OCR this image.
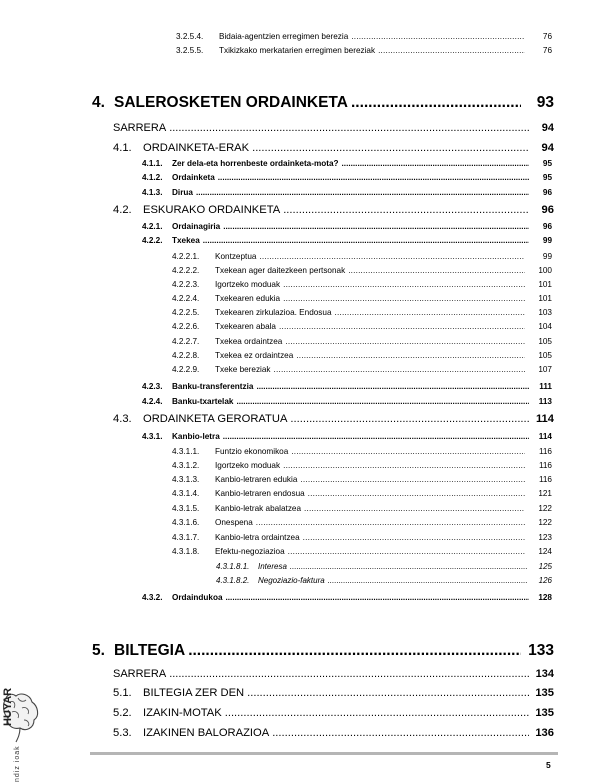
3.2.5.4.	Bidaia-agentzien erregimen berezia .....	76
3.2.5.5.	Txikizkako merkatarien erregimen bereziak .....	76
4. SALEROSKETEN ORDAINKETA .....	93
SARRERA .....	94
4.1.	ORDAINKETA-ERAK .....	94
4.1.1.	Zer dela-eta horrenbeste ordainketa-mota? .....	95
4.1.2.	Ordainketa .....	95
4.1.3.	Dirua .....	96
4.2.	ESKURAKO ORDAINKETA .....	96
4.2.1.	Ordainagiria .....	96
4.2.2.	Txekea .....	99
4.2.2.1.	Kontzeptua .....	99
4.2.2.2.	Txekean ager daitezkeen pertsonak .....	100
4.2.2.3.	Igortzeko moduak .....	101
4.2.2.4.	Txekearen edukia .....	101
4.2.2.5.	Txekearen zirkulazioa. Endosua .....	103
4.2.2.6.	Txekearen abala .....	104
4.2.2.7.	Txekea ordaintzea .....	105
4.2.2.8.	Txekea ez ordaintzea .....	105
4.2.2.9.	Txeke bereziak .....	107
4.2.3.	Banku-transferentzia .....	111
4.2.4.	Banku-txartelak .....	113
4.3.	ORDAINKETA GERORATUA .....	114
4.3.1.	Kanbio-letra .....	114
4.3.1.1.	Funtzio ekonomikoa .....	116
4.3.1.2.	Igortzeko moduak .....	116
4.3.1.3.	Kanbio-letraren edukia .....	116
4.3.1.4.	Kanbio-letraren endosua .....	121
4.3.1.5.	Kanbio-letrak abalatzea .....	122
4.3.1.6.	Onespena .....	122
4.3.1.7.	Kanbio-letra ordaintzea .....	123
4.3.1.8.	Efektu-negoziazioa .....	124
4.3.1.8.1.	Interesa .....	125
4.3.1.8.2.	Negoziazio-faktura .....	126
4.3.2.	Ordaindukoa .....	128
5. BILTEGIA .....	133
SARRERA .....	134
5.1.	BILTEGIA ZER DEN .....	135
5.2.	IZAKIN-MOTAK .....	135
5.3.	IZAKINEN BALORAZIOA .....	136
5
HUYAR
ndiz ioak
